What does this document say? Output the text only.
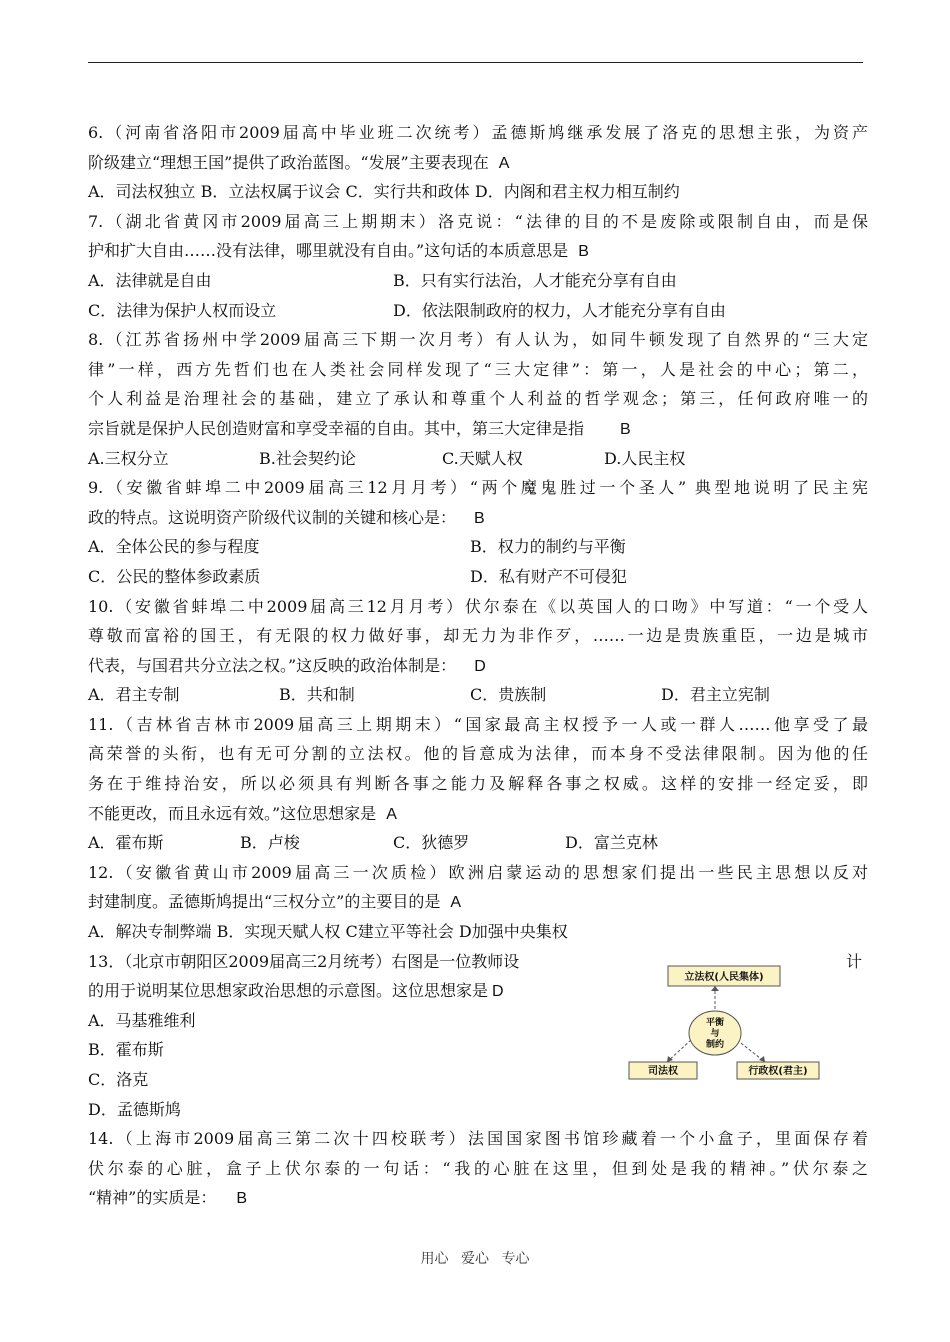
6.（河南省洛阳市2009届高中毕业班二次统考）孟德斯鸠继承发展了洛克的思想主张，为资产
阶级建立“理想王国”提供了政治蓝图。“发展”主要表现在 A
A．司法权独立 B．立法权属于议会 C．实行共和政体 D．内阁和君主权力相互制约
7.（湖北省黄冈市2009届高三上期期末）洛克说：“法律的目的不是废除或限制自由，而是保
护和扩大自由……没有法律，哪里就没有自由。”这句话的本质意思是 B
A．法律就是自由	B．只有实行法治，人才能充分享有自由
C．法律为保护人权而设立	D．依法限制政府的权力，人才能充分享有自由
8.（江苏省扬州中学2009届高三下期一次月考）有人认为，如同牛顿发现了自然界的“三大定
律”一样，西方先哲们也在人类社会同样发现了“三大定律”：第一，人是社会的中心；第二，
个人利益是治理社会的基础，建立了承认和尊重个人利益的哲学观念；第三，任何政府唯一的
宗旨就是保护人民创造财富和享受幸福的自由。其中，第三大定律是指 B
A.三权分立	B.社会契约论	C.天赋人权	D.人民主权
9.（安徽省蚌埠二中2009届高三12月月考）“两个魔鬼胜过一个圣人” 典型地说明了民主宪
政的特点。这说明资产阶级代议制的关键和核心是： B
A．全体公民的参与程度	B．权力的制约与平衡
C．公民的整体参政素质	D．私有财产不可侵犯
10.（安徽省蚌埠二中2009届高三12月月考）伏尔泰在《以英国人的口吻》中写道：“一个受人
尊敬而富裕的国王，有无限的权力做好事，却无力为非作歹，……一边是贵族重臣，一边是城市
代表，与国君共分立法之权。”这反映的政治体制是： D
A．君主专制	B．共和制	C．贵族制	D．君主立宪制
11.（吉林省吉林市2009届高三上期期末）“国家最高主权授予一人或一群人……他享受了最
高荣誉的头衔，也有无可分割的立法权。他的旨意成为法律，而本身不受法律限制。因为他的任
务在于维持治安，所以必须具有判断各事之能力及解释各事之权威。这样的安排一经定妥，即
不能更改，而且永远有效。”这位思想家是 A
A．霍布斯	B．卢梭	C．狄德罗	D．富兰克林
12.（安徽省黄山市2009届高三一次质检）欧洲启蒙运动的思想家们提出一些民主思想以反对
封建制度。孟德斯鸠提出“三权分立”的主要目的是 A
A．解决专制弊端 B．实现天赋人权 C建立平等社会 D加强中央集权
13．（北京市朝阳区2009届高三2月统考）右图是一位教师设	计
的用于说明某位思想家政治思想的示意图。这位思想家是 D
A．马基雅维利
B．霍布斯
C．洛克
D．孟德斯鸠
14.（上海市2009届高三第二次十四校联考）法国国家图书馆珍藏着一个小盒子，里面保存着
伏尔泰的心脏，盒子上伏尔泰的一句话：“我的心脏在这里，但到处是我的精神。”伏尔泰之
“精神”的实质是： B
立法权(人民集体)
平衡
与
制约
司法权	行政权(君主)
用心 爱心 专心
